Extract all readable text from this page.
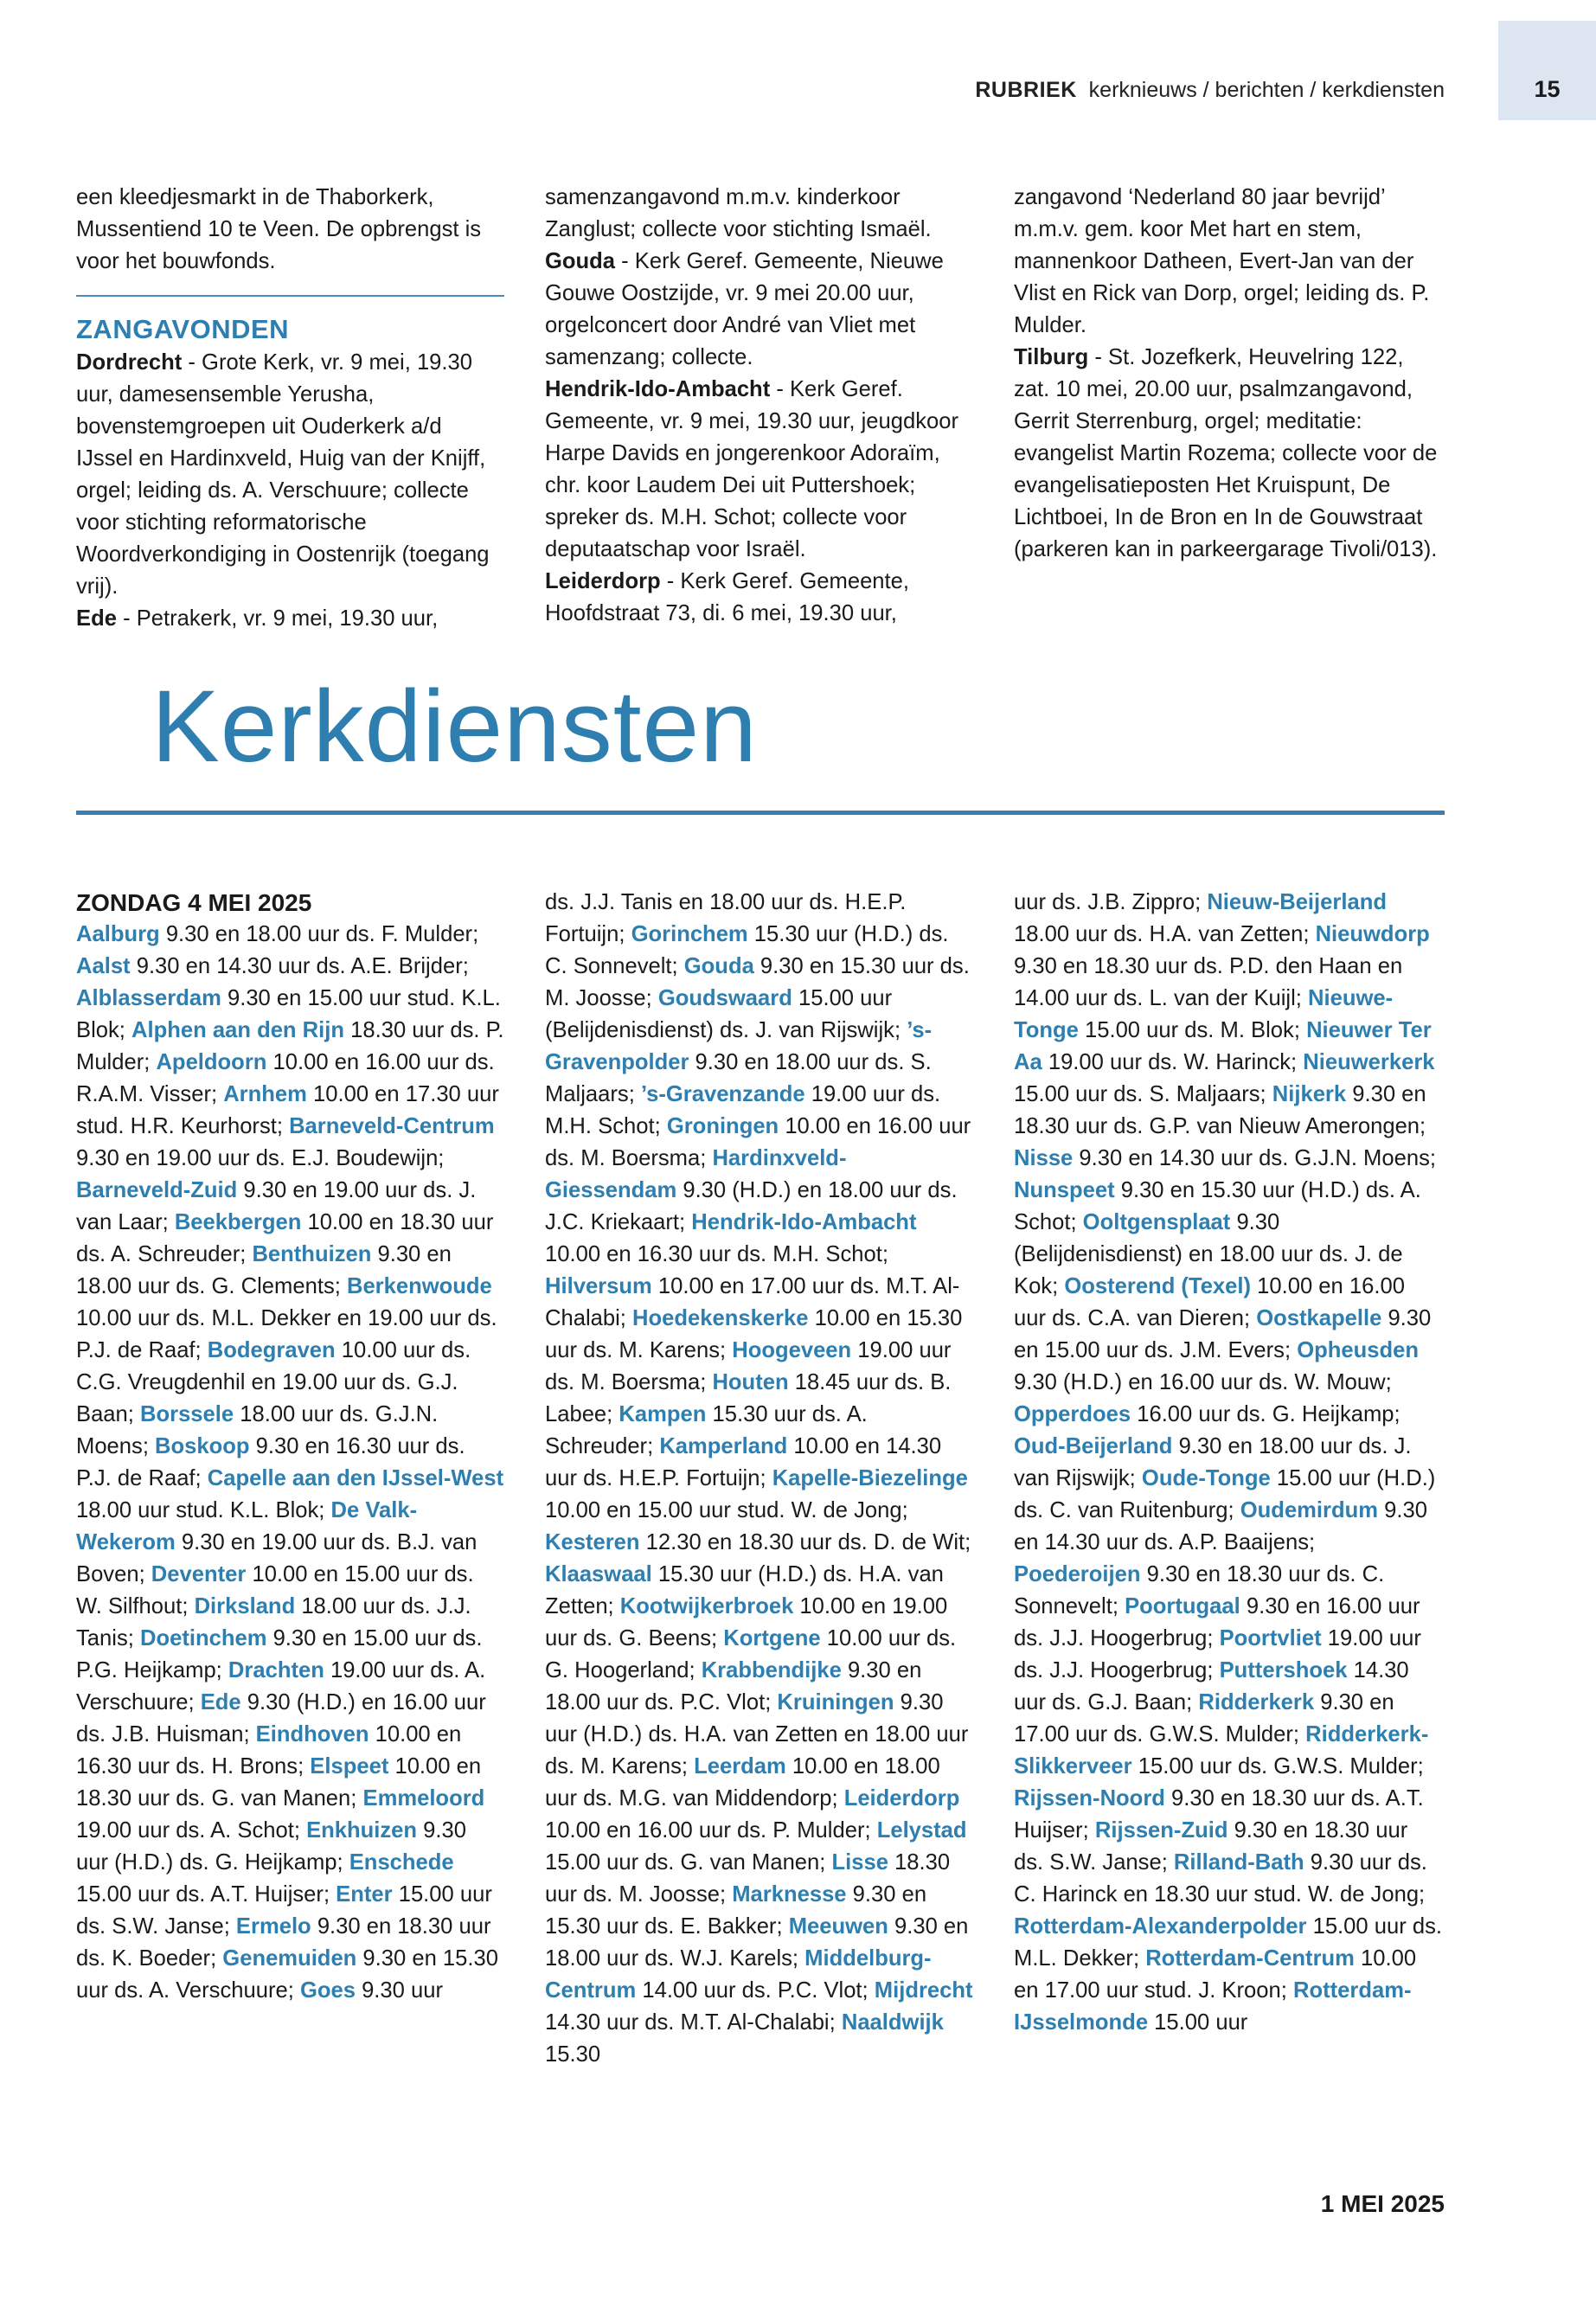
15
RUBRIEK kerknieuws / berichten / kerkdiensten

een kleedjesmarkt in de Thaborkerk, Mussentiend 10 te Veen. De opbrengst is voor het bouwfonds.

ZANGAVONDEN

Dordrecht - Grote Kerk, vr. 9 mei, 19.30 uur, damesensemble Yerusha, bovenstemgroepen uit Ouderkerk a/d IJssel en Hardinxveld, Huig van der Knijff, orgel; leiding ds. A. Verschuure; collecte voor stichting reformatorische Woordverkondiging in Oostenrijk (toegang vrij).
Ede - Petrakerk, vr. 9 mei, 19.30 uur,

samenzangavond m.m.v. kinderkoor Zanglust; collecte voor stichting Ismaël.

Gouda - Kerk Geref. Gemeente, Nieuwe Gouwe Oostzijde, vr. 9 mei 20.00 uur, orgelconcert door André van Vliet met samenzang; collecte.
Hendrik-Ido-Ambacht - Kerk Geref. Gemeente, vr. 9 mei, 19.30 uur, jeugdkoor Harpe Davids en jongerenkoor Adoraïm, chr. koor Laudem Dei uit Puttershoek; spreker ds. M.H. Schot; collecte voor deputaatschap voor Israël.
Leiderdorp - Kerk Geref. Gemeente, Hoofdstraat 73, di. 6 mei, 19.30 uur,

zangavond ‘Nederland 80 jaar bevrijd’ m.m.v. gem. koor Met hart en stem, mannenkoor Datheen, Evert-Jan van der Vlist en Rick van Dorp, orgel; leiding ds. P. Mulder.

Tilburg - St. Jozefkerk, Heuvelring 122, zat. 10 mei, 20.00 uur, psalmzangavond, Gerrit Sterrenburg, orgel; meditatie: evangelist Martin Rozema; collecte voor de evangelisatieposten Het Kruispunt, De Lichtboei, In de Bron en In de Gouwstraat (parkeren kan in parkeergarage Tivoli/013).

Kerkdiensten
ZONDAG 4 MEI 2025

Aalburg 9.30 en 18.00 uur ds. F. Mulder; Aalst 9.30 en 14.30 uur ds. A.E. Brijder; Alblasserdam 9.30 en 15.00 uur stud. K.L. Blok; Alphen aan den Rijn 18.30 uur ds. P. Mulder; Apeldoorn 10.00 en 16.00 uur ds. R.A.M. Visser; Arnhem 10.00 en 17.30 uur stud. H.R. Keurhorst; Barneveld-Centrum 9.30 en 19.00 uur ds. E.J. Boudewijn; Barneveld-Zuid 9.30 en 19.00 uur ds. J. van Laar; Beekbergen 10.00 en 18.30 uur ds. A. Schreuder; Benthuizen 9.30 en 18.00 uur ds. G. Clements; Berkenwoude 10.00 uur ds. M.L. Dekker en 19.00 uur ds. P.J. de Raaf; Bodegraven 10.00 uur ds. C.G. Vreugdenhil en 19.00 uur ds. G.J. Baan; Borssele 18.00 uur ds. G.J.N. Moens; Boskoop 9.30 en 16.30 uur ds. P.J. de Raaf; Capelle aan den IJssel-West 18.00 uur stud. K.L. Blok; De Valk-Wekerom 9.30 en 19.00 uur ds. B.J. van Boven; Deventer 10.00 en 15.00 uur ds. W. Silfhout; Dirksland 18.00 uur ds. J.J. Tanis; Doetinchem 9.30 en 15.00 uur ds. P.G. Heijkamp; Drachten 19.00 uur ds. A. Verschuure; Ede 9.30 (H.D.) en 16.00 uur ds. J.B. Huisman; Eindhoven 10.00 en 16.30 uur ds. H. Brons; Elspeet 10.00 en 18.30 uur ds. G. van Manen; Emmeloord 19.00 uur ds. A. Schot; Enkhuizen 9.30 uur (H.D.) ds. G. Heijkamp; Enschede 15.00 uur ds. A.T. Huijser; Enter 15.00 uur ds. S.W. Janse; Ermelo 9.30 en 18.30 uur ds. K. Boeder; Genemuiden 9.30 en 15.30 uur ds. A. Verschuure; Goes 9.30 uur

ds. J.J. Tanis en 18.00 uur ds. H.E.P. Fortuijn; Gorinchem 15.30 uur (H.D.) ds. C. Sonnevelt; Gouda 9.30 en 15.30 uur ds. M. Joosse; Goudswaard 15.00 uur (Belijdenisdienst) ds. J. van Rijswijk; ’s-Gravenpolder 9.30 en 18.00 uur ds. S. Maljaars; ’s-Gravenzande 19.00 uur ds. M.H. Schot; Groningen 10.00 en 16.00 uur ds. M. Boersma; Hardinxveld-Giessendam 9.30 (H.D.) en 18.00 uur ds. J.C. Kriekaart; Hendrik-Ido-Ambacht 10.00 en 16.30 uur ds. M.H. Schot; Hilversum 10.00 en 17.00 uur ds. M.T. Al-Chalabi; Hoedekenskerke 10.00 en 15.30 uur ds. M. Karens; Hoogeveen 19.00 uur ds. M. Boersma; Houten 18.45 uur ds. B. Labee; Kampen 15.30 uur ds. A. Schreuder; Kamperland 10.00 en 14.30 uur ds. H.E.P. Fortuijn; Kapelle-Biezelinge 10.00 en 15.00 uur stud. W. de Jong; Kesteren 12.30 en 18.30 uur ds. D. de Wit; Klaaswaal 15.30 uur (H.D.) ds. H.A. van Zetten; Kootwijkerbroek 10.00 en 19.00 uur ds. G. Beens; Kortgene 10.00 uur ds. G. Hoogerland; Krabbendijke 9.30 en 18.00 uur ds. P.C. Vlot; Kruiningen 9.30 uur (H.D.) ds. H.A. van Zetten en 18.00 uur ds. M. Karens; Leerdam 10.00 en 18.00 uur ds. M.G. van Middendorp; Leiderdorp 10.00 en 16.00 uur ds. P. Mulder; Lelystad 15.00 uur ds. G. van Manen; Lisse 18.30 uur ds. M. Joosse; Marknesse 9.30 en 15.30 uur ds. E. Bakker; Meeuwen 9.30 en 18.00 uur ds. W.J. Karels; Middelburg-Centrum 14.00 uur ds. P.C. Vlot; Mijdrecht 14.30 uur ds. M.T. Al-Chalabi; Naaldwijk 15.30

uur ds. J.B. Zippro; Nieuw-Beijerland 18.00 uur ds. H.A. van Zetten; Nieuwdorp 9.30 en 18.30 uur ds. P.D. den Haan en 14.00 uur ds. L. van der Kuijl; Nieuwe-Tonge 15.00 uur ds. M. Blok; Nieuwer Ter Aa 19.00 uur ds. W. Harinck; Nieuwerkerk 15.00 uur ds. S. Maljaars; Nijkerk 9.30 en 18.30 uur ds. G.P. van Nieuw Amerongen; Nisse 9.30 en 14.30 uur ds. G.J.N. Moens; Nunspeet 9.30 en 15.30 uur (H.D.) ds. A. Schot; Ooltgensplaat 9.30 (Belijdenisdienst) en 18.00 uur ds. J. de Kok; Oosterend (Texel) 10.00 en 16.00 uur ds. C.A. van Dieren; Oostkapelle 9.30 en 15.00 uur ds. J.M. Evers; Opheusden 9.30 (H.D.) en 16.00 uur ds. W. Mouw; Opperdoes 16.00 uur ds. G. Heijkamp; Oud-Beijerland 9.30 en 18.00 uur ds. J. van Rijswijk; Oude-Tonge 15.00 uur (H.D.) ds. C. van Ruitenburg; Oudemirdum 9.30 en 14.30 uur ds. A.P. Baaijens; Poederoijen 9.30 en 18.30 uur ds. C. Sonnevelt; Poortugaal 9.30 en 16.00 uur ds. J.J. Hoogerbrug; Poortvliet 19.00 uur ds. J.J. Hoogerbrug; Puttershoek 14.30 uur ds. G.J. Baan; Ridderkerk 9.30 en 17.00 uur ds. G.W.S. Mulder; Ridderkerk-Slikkerveer 15.00 uur ds. G.W.S. Mulder; Rijssen-Noord 9.30 en 18.30 uur ds. A.T. Huijser; Rijssen-Zuid 9.30 en 18.30 uur ds. S.W. Janse; Rilland-Bath 9.30 uur ds. C. Harinck en 18.30 uur stud. W. de Jong; Rotterdam-Alexanderpolder 15.00 uur ds. M.L. Dekker; Rotterdam-Centrum 10.00 en 17.00 uur stud. J. Kroon; Rotterdam-IJsselmonde 15.00 uur

1 MEI 2025
